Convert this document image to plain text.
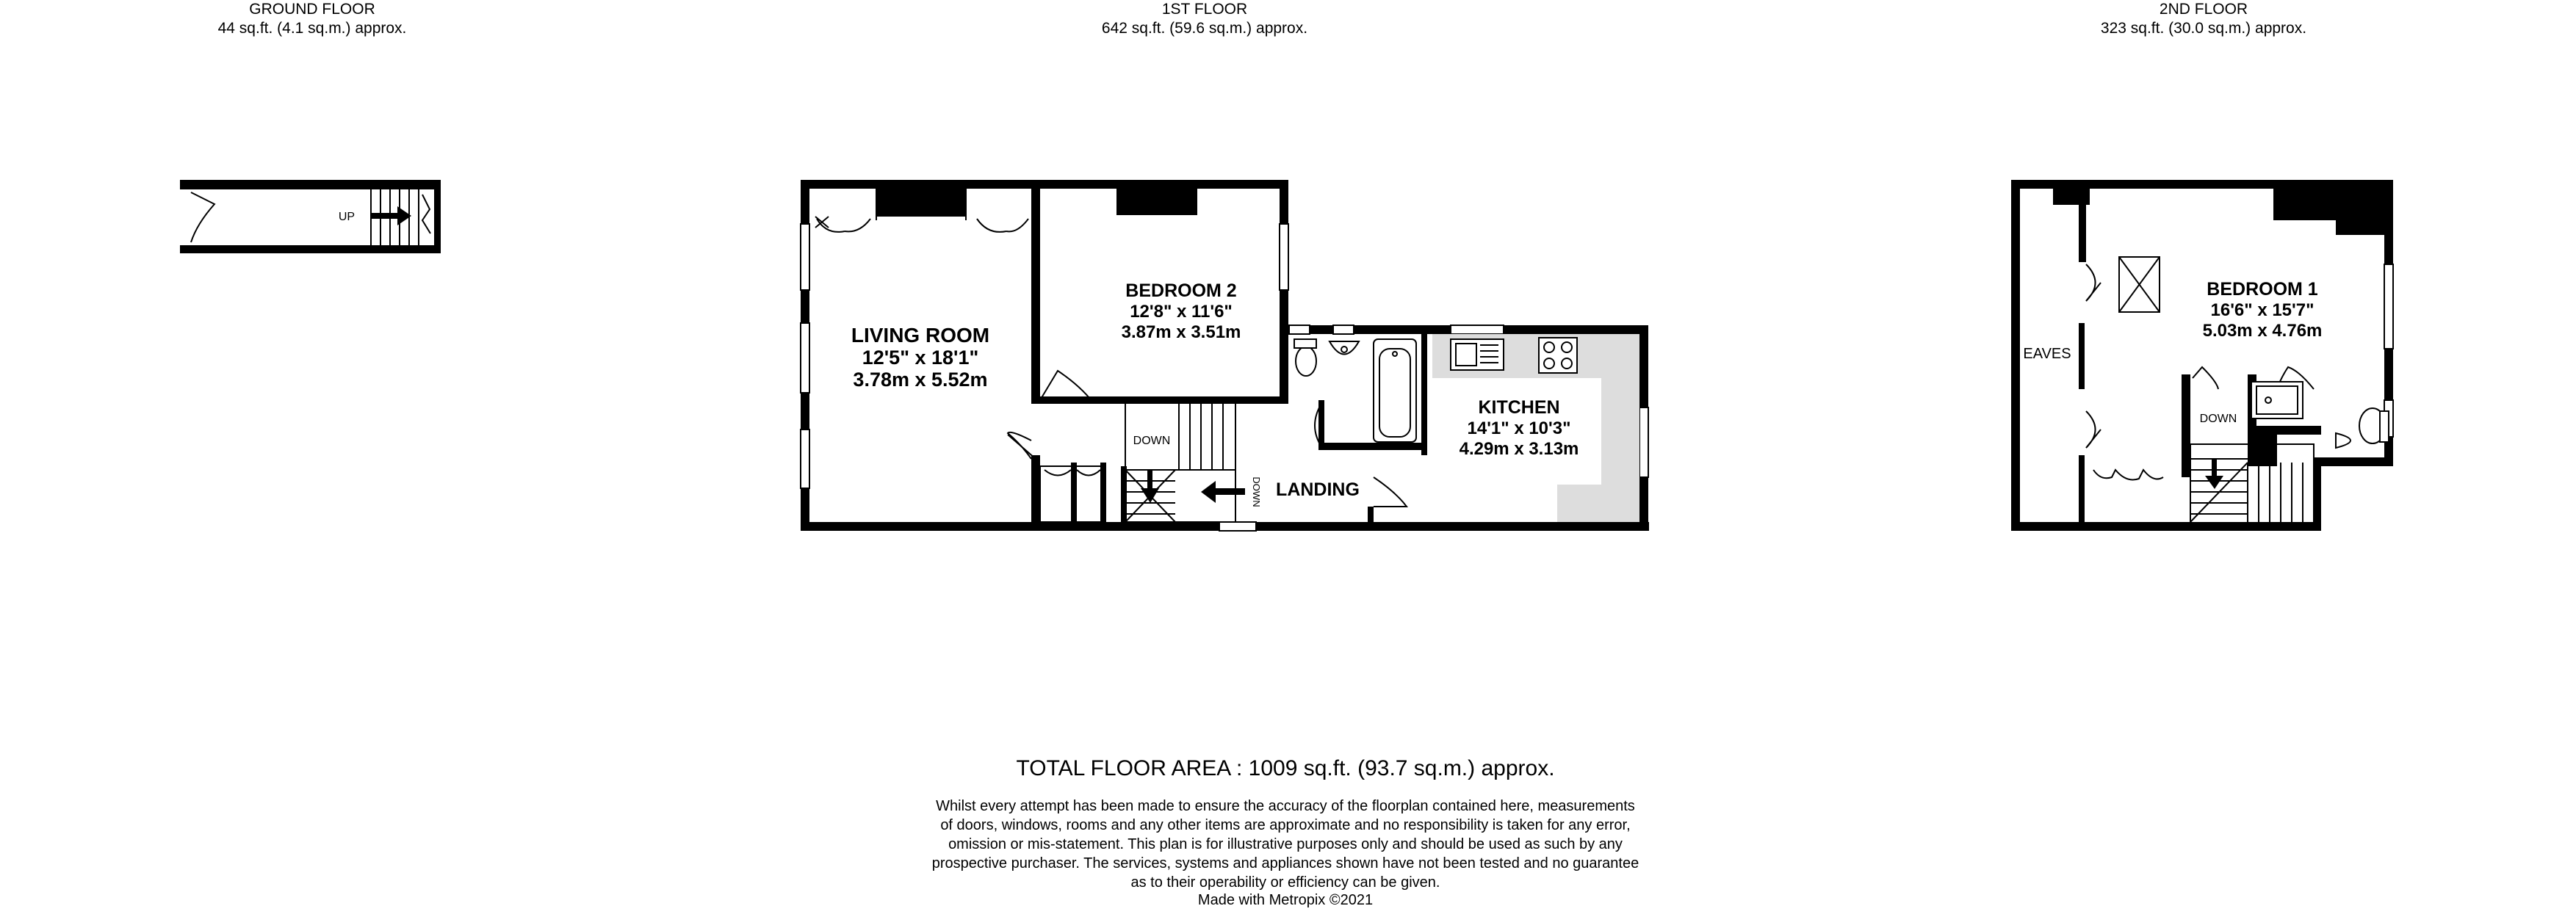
GROUND FLOOR
44 sq.ft. (4.1 sq.m.) approx.
1ST FLOOR
642 sq.ft. (59.6 sq.m.) approx.
2ND FLOOR
323 sq.ft. (30.0 sq.m.) approx.
UP
DOWN
DOWN
DOWN
EAVES
LIVING ROOM
12'5" x 18'1"
3.78m x 5.52m
BEDROOM 2
12'8" x 11'6"
3.87m x 3.51m
KITCHEN
14'1" x 10'3"
4.29m x 3.13m
LANDING
BEDROOM 1
16'6" x 15'7"
5.03m x 4.76m
TOTAL FLOOR AREA : 1009 sq.ft. (93.7 sq.m.) approx.
Whilst every attempt has been made to ensure the accuracy of the floorplan contained here, measurements
of doors, windows, rooms and any other items are approximate and no responsibility is taken for any error,
omission or mis-statement. This plan is for illustrative purposes only and should be used as such by any
prospective purchaser. The services, systems and appliances shown have not been tested and no guarantee
as to their operability or efficiency can be given.
Made with Metropix ©2021
